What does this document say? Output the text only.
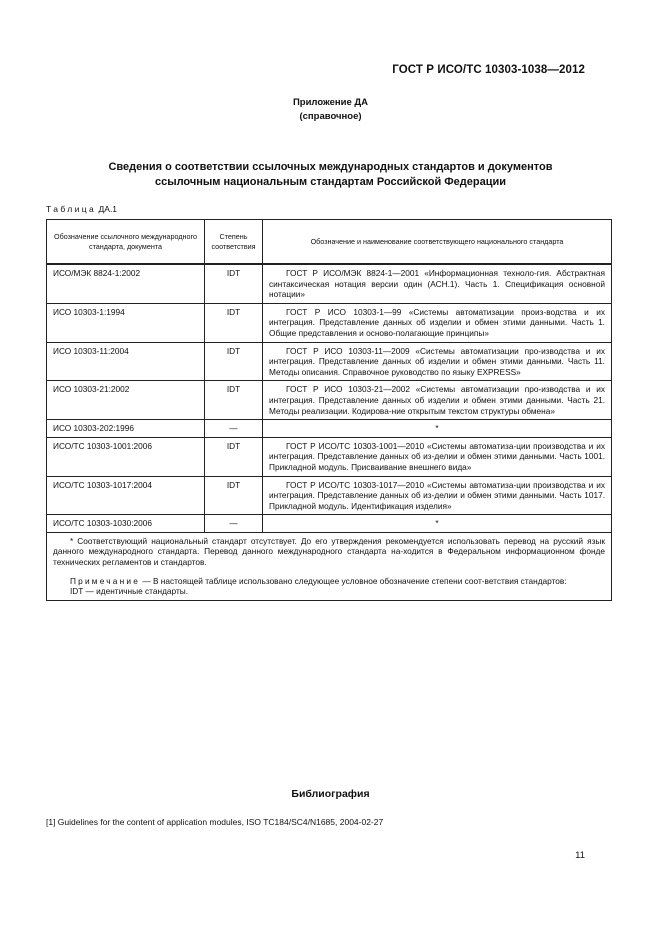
ГОСТ Р ИСО/ТС 10303-1038—2012
Приложение ДА
(справочное)
Сведения о соответствии ссылочных международных стандартов и документов
ссылочным национальным стандартам Российской Федерации
Таблица ДА.1
Обозначение ссылочного международного стандарта, документа	Степень соответствия	Обозначение и наименование соответствующего национального стандарта
ИСО/МЭК 8824-1:2002	IDT	ГОСТ Р ИСО/МЭК 8824-1—2001 «Информационная техноло-гия. Абстрактная синтаксическая нотация версии один (АСН.1). Часть 1. Спецификация основной нотации»
ИСО 10303-1:1994	IDT	ГОСТ Р ИСО 10303-1—99 «Системы автоматизации произ-водства и их интеграция. Представление данных об изделии и обмен этими данными. Часть 1. Общие представления и осново-полагающие принципы»
ИСО 10303-11:2004	IDT	ГОСТ Р ИСО 10303-11—2009 «Системы автоматизации про-изводства и их интеграция. Представление данных об изделии и обмен этими данными. Часть 11. Методы описания. Справочное руководство по языку EXPRESS»
ИСО 10303-21:2002	IDT	ГОСТ Р ИСО 10303-21—2002 «Системы автоматизации про-изводства и их интеграция. Представление данных об изделии и обмен этими данными. Часть 21. Методы реализации. Кодирова-ние открытым текстом структуры обмена»
ИСО 10303-202:1996	—	*
ИСО/ТС 10303-1001:2006	IDT	ГОСТ Р ИСО/ТС 10303-1001—2010 «Системы автоматиза-ции производства и их интеграция. Представление данных об из-делии и обмен этими данными. Часть 1001. Прикладной модуль. Присваивание внешнего вида»
ИСО/ТС 10303-1017:2004	IDT	ГОСТ Р ИСО/ТС 10303-1017—2010 «Системы автоматиза-ции производства и их интеграция. Представление данных об из-делии и обмен этими данными. Часть 1017. Прикладной модуль. Идентификация изделия»
ИСО/ТС 10303-1030:2006	—	*

* Соответствующий национальный стандарт отсутствует. До его утверждения рекомендуется использовать перевод на русский язык данного международного стандарта. Перевод данного международного стандарта на-ходится в Федеральном информационном фонде технических регламентов и стандартов.

Примечание — В настоящей таблице использовано следующее условное обозначение степени соот-ветствия стандартов:

IDT — идентичные стандарты.		

Библиография
[1] Guidelines for the content of application modules, ISO TC184/SC4/N1685, 2004-02-27
11
